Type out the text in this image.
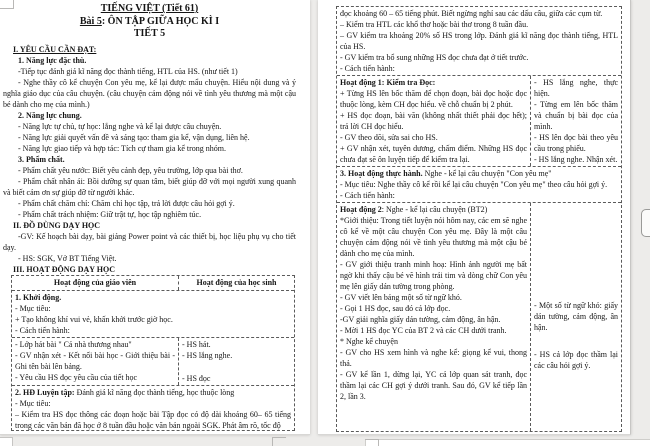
TIẾNG VIỆT (Tiết 61)
Bài 5: ÔN TẬP GIỮA HỌC KÌ I
TIẾT 5
I. YÊU CẦU CẦN ĐẠT:
1. Năng lực đặc thù.
-Tiếp tục đánh giá kĩ năng đọc thành tiếng, HTL của HS. (như tiết 1)
- Nghe thầy cô kể chuyện Con yêu mẹ, kể lại được mẩu chuyện. Hiểu nội dung và ý nghĩa giáo dục của câu chuyện. (câu chuyện cảm động nói về tình yêu thương mà một cậu bé dành cho mẹ của mình.)
2. Năng lực chung.
- Năng lực tự chủ, tự học: lắng nghe và kể lại được câu chuyện.
- Năng lực giải quyết vấn đề và sáng tạo: tham gia kể, vận dụng, liên hệ.
- Năng lực giao tiếp và hợp tác: Tích cự tham gia kể trong nhóm.
3. Phẩm chất.
- Phẩm chất yêu nước: Biết yêu cảnh đẹp, yêu trường, lớp qua bài thơ.
- Phẩm chất nhân ái: Bồi dưỡng sự quan tâm, biết giúp đỡ với mọi người xung quanh và biết cảm ơn sự giúp đỡ từ người khác.
- Phẩm chất chăm chỉ: Chăm chỉ học tập, trả lời được câu hỏi gợi ý.
- Phẩm chất trách nhiệm: Giữ trật tự, học tập nghiêm túc.
II. ĐỒ DÙNG DẠY HỌC
-GV: Kế hoạch bài dạy, bài giảng Power point và các thiết bị, học liệu phụ vụ cho tiết dạy.
- HS: SGK, Vở BT Tiếng Việt.
III. HOẠT ĐỘNG DẠY HỌC
Hoạt động của giáo viên	Hoạt động của học sinh
1. Khởi động.
- Mục tiêu:
+ Tạo không khí vui vẻ, khấn khởi trước giờ học.
- Cách tiến hành:
- Lớp hát bài " Cả nhà thương nhau"
- GV nhận xét - Kết nối bài học - Giới thiệu bài - Ghi tên bài lên bảng.
- Yêu cầu HS đọc yêu cầu của tiết học
- HS hát.
- HS lắng nghe.
- HS đọc
2. HĐ Luyện tập: Đánh giá kĩ năng đọc thành tiếng, học thuộc lòng
- Mục tiêu:
– Kiểm tra HS đọc thông các đoạn hoặc bài Tập đọc có độ dài khoảng 60– 65 tiếng trong các văn bản đã học ở 8 tuần đầu hoặc văn bản ngoài SGK. Phát âm rõ, tốc độ
đọc khoảng 60 – 65 tiếng phút. Biết ngừng nghỉ sau các dấu câu, giữa các cụm từ.
– Kiểm tra HTL các khổ thơ hoặc bài thơ trong 8 tuần đầu.
– GV kiểm tra khoảng 20% số HS trong lớp. Đánh giá kĩ năng đọc thành tiếng, HTL của HS.
- GV kiểm tra bổ sung những HS đọc chưa đạt ở tiết trước.
- Cách tiến hành:
Hoạt động 1: Kiểm tra Đọc:
+ Từng HS lên bốc thăm để chọn đoạn, bài đọc hoặc đọc thuộc lòng, kèm CH đọc hiểu. về chỗ chuẩn bị 2 phút.
+ HS đọc đoạn, bài văn (không nhất thiết phải đọc hết); trả lời CH đọc hiểu.
- GV theo dõi, sửa sai cho HS.
+ GV nhận xét, tuyên dương, chấm điểm. Những HS đọc chưa đạt sẽ ôn luyện tiếp để kiểm tra lại.
- HS lắng nghe, thực hiện.
- Từng em lên bốc thăm và chuẩn bị bài đọc của mình.
- HS lên đọc bài theo yêu cầu trong phiếu.
- HS lắng nghe. Nhận xét.
3. Hoạt động thực hành. Nghe - kể lại câu chuyện "Con yêu mẹ"
- Mục tiêu: Nghe thầy cô kể rồi kể lại câu chuyện "Con yêu mẹ" theo câu hỏi gợi ý.
- Cách tiến hành:
Hoạt động 2: Nghe - kể lại câu chuyện (BT2)
*Giới thiệu: Trong tiết luyện nói hôm nay, các em sẽ nghe cô kể về một câu chuyện Con yêu mẹ. Đây là một câu chuyện cảm động nói về tình yêu thương mà một cậu bé dành cho mẹ của mình.
- GV giới thiệu tranh minh hoạ: Hình ảnh người mẹ bất ngờ khi thấy cậu bé vẽ hình trái tim và dòng chữ Con yêu mẹ lên giấy dán tường trong phòng.
- GV viết lên bảng một số từ ngữ khó.
- Gọi 1 HS đọc, sau đó cả lớp đọc.
-GV giải nghĩa giấy dán tường, cảm động, ân hận.
- Mời 1 HS đọc YC của BT 2 và các CH dưới tranh.
* Nghe kể chuyện
- GV cho HS xem hình và nghe kể: giọng kể vui, thong thả.
- GV kể lần 1, dừng lại, YC cả lớp quan sát tranh, đọc thầm lại các CH gợi ý dưới tranh. Sau đó, GV kể tiếp lần 2, lần 3.
- Một số từ ngữ khó: giấy dán tường, cảm động, ân hận.
- HS cả lớp đọc thầm lại các câu hỏi gợi ý.
